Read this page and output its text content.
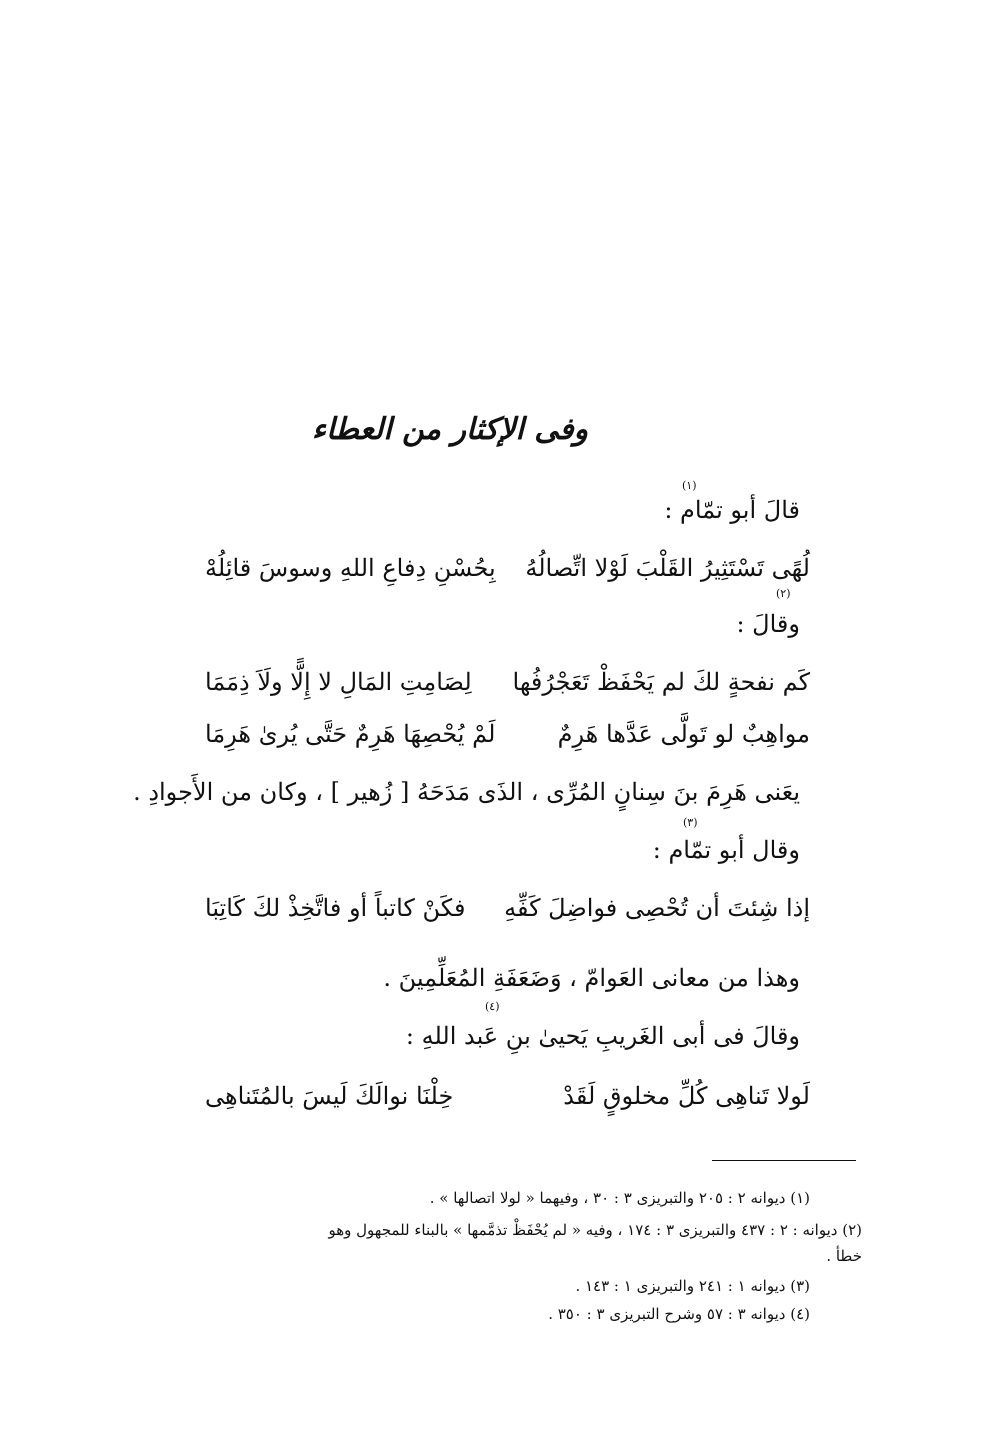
وفى الإكثار من العطاء
قالَ أبو تمّام :
(١)
لُهًى تَسْتَثِيرُ القَلْبَ لَوْلا اتِّصالُهُ
بِحُسْنِ دِفاعِ اللهِ وسوسَ قائِلُهْ
وقالَ :
(٢)
كَم نفحةٍ لكَ لم يَحْفَظْ تَعَجْرُفُها
لِصَامِتِ المَالِ لا إِلًّا ولَاَ ذِمَمَا
مواهِبٌ لو تَولَّى عَدَّها هَرِمٌ
لَمْ يُحْصِهَا هَرِمٌ حَتَّى يُرىٰ هَرِمَا
يعَنى هَرِمَ بنَ سِنانٍ المُرِّى ، الذَى مَدَحَهُ [ زُهير ] ، وكان من الأَجوادِ .
وقال أبو تمّام :
(٣)
إذا شِئتَ أن تُحْصِى فواضِلَ كَفِّهِ
فكَنْ كاتباً أو فاتَّخِذْ لكَ كَاتِبَا
وهذا من معانى العَوامّ ، وَضَعَفَةِ المُعَلِّمِينَ .
وقالَ فى أبى الغَريبِ يَحيىٰ بنِ عَبد اللهِ :
(٤)
لَولا تَناهِى كُلِّ مخلوقٍ لَقَدْ
خِلْنَا نوالَكَ لَيسَ بالمُتَناهِى
(١) ديوانه ٢ : ٢٠٥ والتبريزى ٣ : ٣٠ ، وفيهما « لولا اتصالها » .
(٢) ديوانه : ٢ : ٤٣٧ والتبريزى ٣ : ١٧٤ ، وفيه « لم يُحْفَظْ تذمَّمها » بالبناء للمجهول وهو
خطأ .
(٣) ديوانه ١ : ٢٤١ والتبريزى ١ : ١٤٣ .
(٤) ديوانه ٣ : ٥٧ وشرح التبريزى ٣ : ٣٥٠ .
